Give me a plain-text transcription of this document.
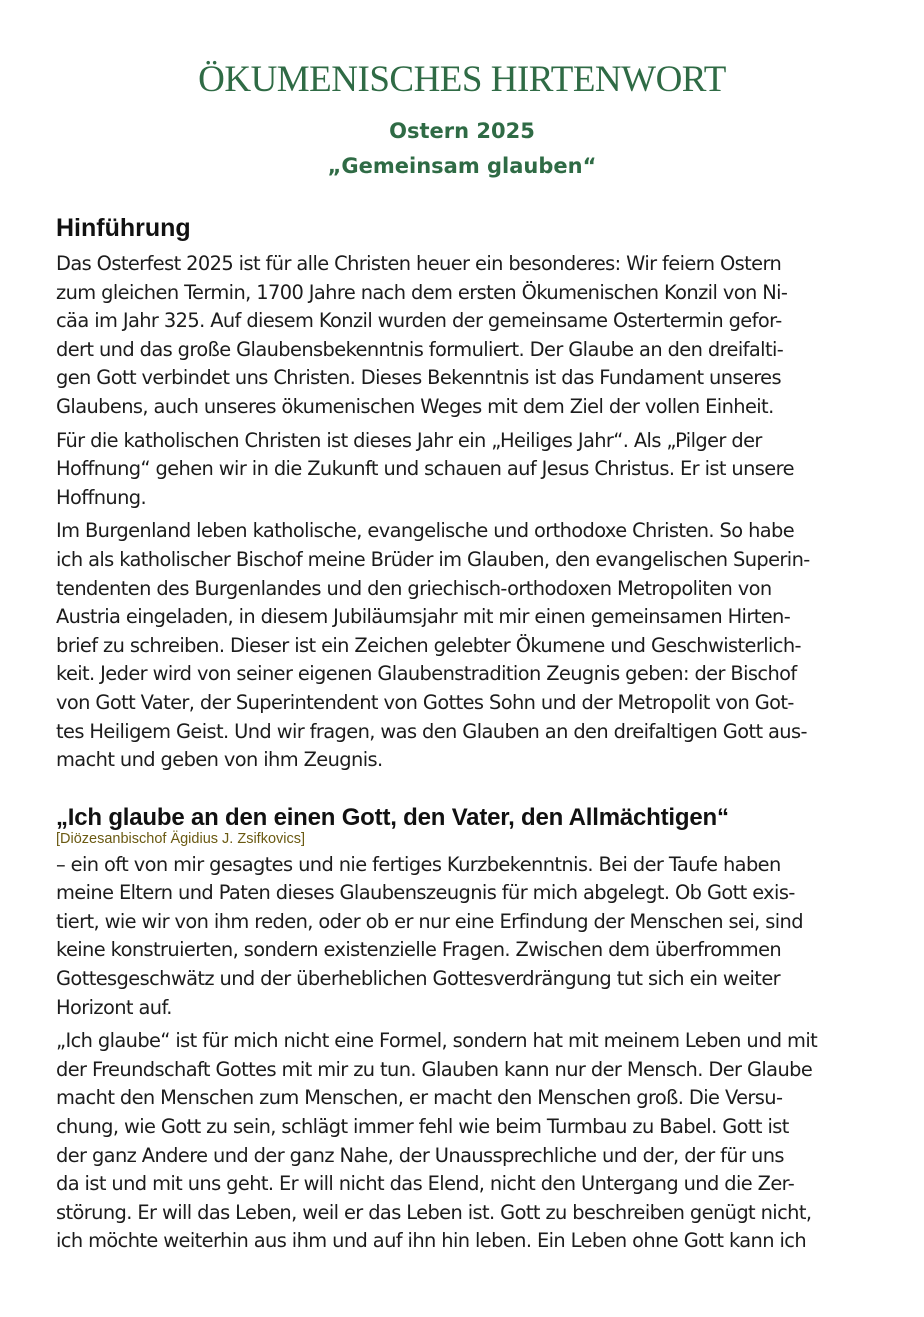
ÖKUMENISCHES HIRTENWORT
Ostern 2025
„Gemeinsam glauben“
Hinführung

Das Osterfest 2025 ist für alle Christen heuer ein besonderes: Wir feiern Ostern
zum gleichen Termin, 1700 Jahre nach dem ersten Ökumenischen Konzil von Ni-
cäa im Jahr 325. Auf diesem Konzil wurden der gemeinsame Ostertermin gefor-
dert und das große Glaubensbekenntnis formuliert. Der Glaube an den dreifalti-
gen Gott verbindet uns Christen. Dieses Bekenntnis ist das Fundament unseres
Glaubens, auch unseres ökumenischen Weges mit dem Ziel der vollen Einheit.

Für die katholischen Christen ist dieses Jahr ein „Heiliges Jahr“. Als „Pilger der
Hoffnung“ gehen wir in die Zukunft und schauen auf Jesus Christus. Er ist unsere
Hoffnung.

Im Burgenland leben katholische, evangelische und orthodoxe Christen. So habe
ich als katholischer Bischof meine Brüder im Glauben, den evangelischen Superin-
tendenten des Burgenlandes und den griechisch-orthodoxen Metropoliten von
Austria eingeladen, in diesem Jubiläumsjahr mit mir einen gemeinsamen Hirten-
brief zu schreiben. Dieser ist ein Zeichen gelebter Ökumene und Geschwisterlich-
keit. Jeder wird von seiner eigenen Glaubenstradition Zeugnis geben: der Bischof
von Gott Vater, der Superintendent von Gottes Sohn und der Metropolit von Got-
tes Heiligem Geist. Und wir fragen, was den Glauben an den dreifaltigen Gott aus-
macht und geben von ihm Zeugnis.

„Ich glaube an den einen Gott, den Vater, den Allmächtigen“
[Diözesanbischof Ägidius J. Zsifkovics]

– ein oft von mir gesagtes und nie fertiges Kurzbekenntnis. Bei der Taufe haben
meine Eltern und Paten dieses Glaubenszeugnis für mich abgelegt. Ob Gott exis-
tiert, wie wir von ihm reden, oder ob er nur eine Erfindung der Menschen sei, sind
keine konstruierten, sondern existenzielle Fragen. Zwischen dem überfrommen
Gottesgeschwätz und der überheblichen Gottesverdrängung tut sich ein weiter
Horizont auf.

„Ich glaube“ ist für mich nicht eine Formel, sondern hat mit meinem Leben und mit
der Freundschaft Gottes mit mir zu tun. Glauben kann nur der Mensch. Der Glaube
macht den Menschen zum Menschen, er macht den Menschen groß. Die Versu-
chung, wie Gott zu sein, schlägt immer fehl wie beim Turmbau zu Babel. Gott ist
der ganz Andere und der ganz Nahe, der Unaussprechliche und der, der für uns
da ist und mit uns geht. Er will nicht das Elend, nicht den Untergang und die Zer-
störung. Er will das Leben, weil er das Leben ist. Gott zu beschreiben genügt nicht,
ich möchte weiterhin aus ihm und auf ihn hin leben. Ein Leben ohne Gott kann ich
